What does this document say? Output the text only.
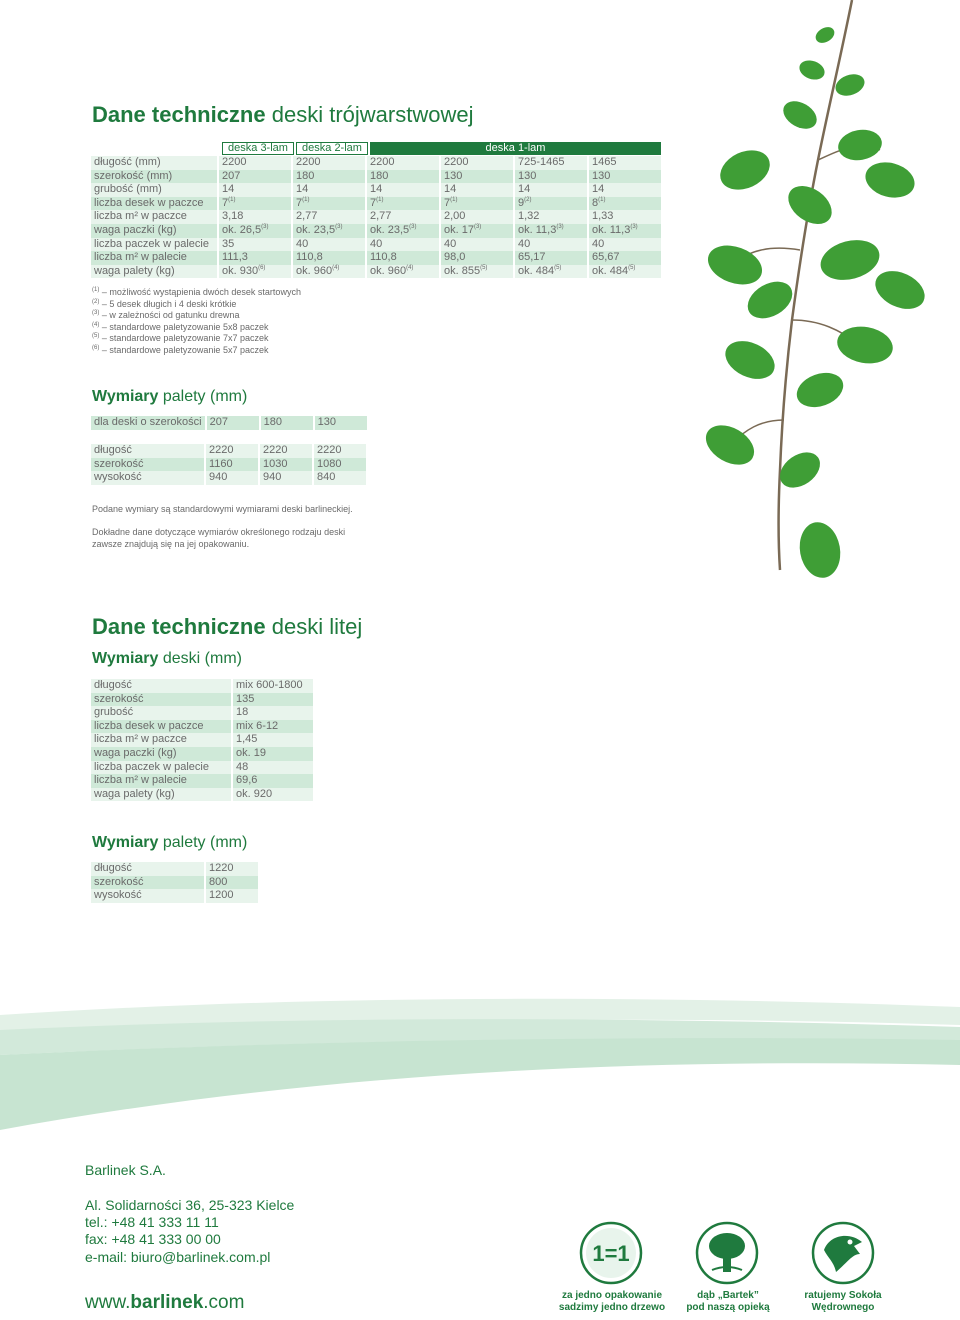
Dane techniczne deski trójwarstwowej
deska 3-lam	deska 2-lam	deska 1-lam
długość (mm)	2200	2200	2200	2200	725-1465	1465
szerokość (mm)	207	180	180	130	130	130
grubość (mm)	14	14	14	14	14	14
liczba desek w paczce	7$^{(1)}$	7$^{(1)}$	7$^{(1)}$	7$^{(1)}$	9$^{(2)}$	8$^{(1)}$
liczba m² w paczce	3,18	2,77	2,77	2,00	1,32	1,33
waga paczki (kg)	ok. 26,5$^{(3)}$	ok. 23,5$^{(3)}$	ok. 23,5$^{(3)}$	ok. 17$^{(3)}$	ok. 11,3$^{(3)}$	ok. 11,3$^{(3)}$
liczba paczek w palecie	35	40	40	40	40	40
liczba m² w palecie	111,3	110,8	110,8	98,0	65,17	65,67
waga palety (kg)	ok. 930$^{(6)}$	ok. 960$^{(4)}$	ok. 960$^{(4)}$	ok. 855$^{(5)}$	ok. 484$^{(5)}$	ok. 484$^{(5)}$
$^{(1)}$ – możliwość wystąpienia dwóch desek startowych
$^{(2)}$ – 5 desek długich i 4 deski krótkie
$^{(3)}$ – w zależności od gatunku drewna
$^{(4)}$ – standardowe paletyzowanie 5x8 paczek
$^{(5)}$ – standardowe paletyzowanie 7x7 paczek
$^{(6)}$ – standardowe paletyzowanie 5x7 paczek
Wymiary palety (mm)
dla deski o szerokości	207	180	130
długość	2220	2220	2220
szerokość	1160	1030	1080
wysokość	940	940	840
Podane wymiary są standardowymi wymiarami deski barlineckiej.
Dokładne dane dotyczące wymiarów określonego rodzaju deski zawsze znajdują się na jej opakowaniu.
Dane techniczne deski litej
Wymiary deski (mm)
długość	mix 600-1800
szerokość	135
grubość	18
liczba desek w paczce	mix 6-12
liczba m² w paczce	1,45
waga paczki (kg)	ok. 19
liczba paczek w palecie	48
liczba m² w palecie	69,6
waga palety (kg)	ok. 920
Wymiary palety (mm)
długość	1220
szerokość	800
wysokość	1200
Barlinek S.A.
Al. Solidarności 36, 25-323 Kielce
tel.: +48 41 333 11 11
fax: +48 41 333 00 00
e-mail: biuro@barlinek.com.pl
www.barlinek.com
1=1
za jedno opakowanie
sadzimy jedno drzewo
dąb „Bartek”
pod naszą opieką
ratujemy Sokoła
Wędrownego
